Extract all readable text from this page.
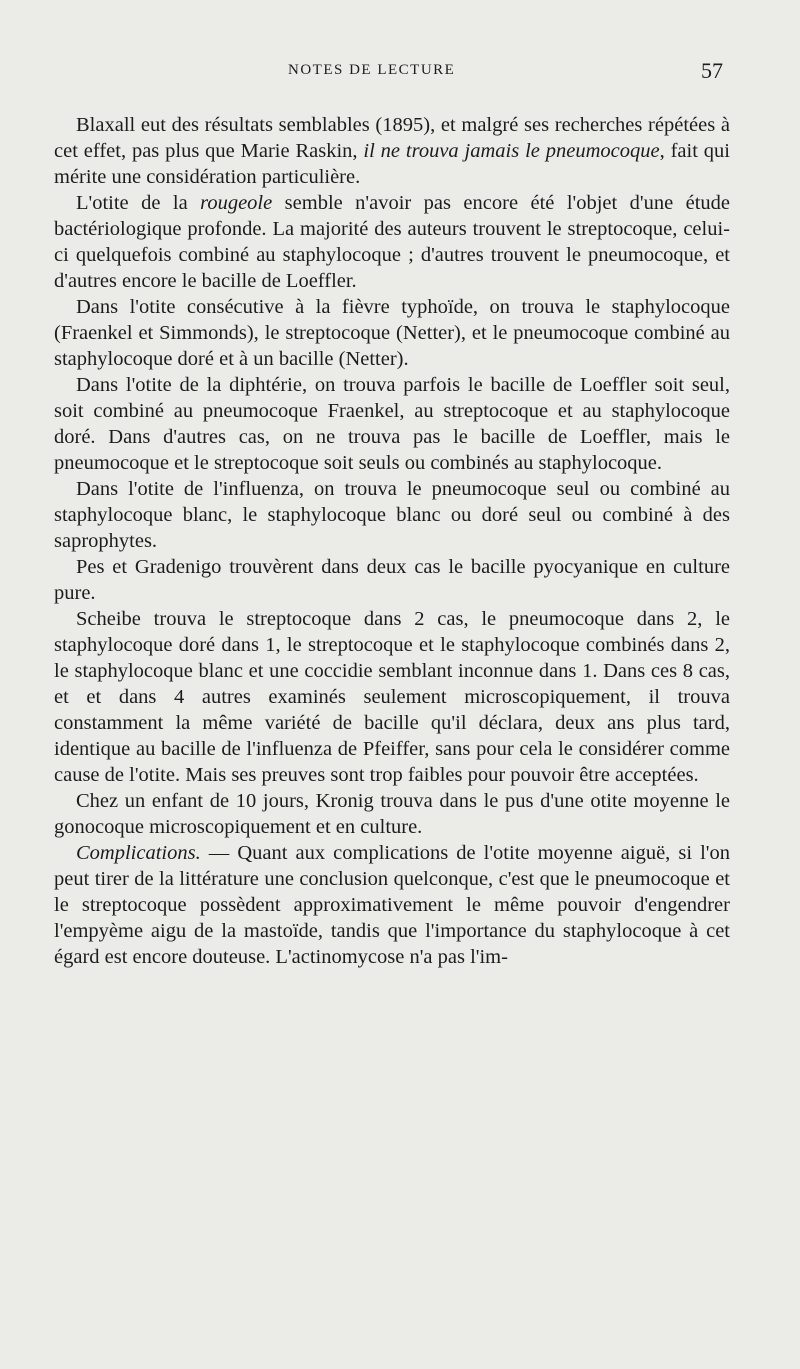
NOTES DE LECTURE	57

Blaxall eut des résultats semblables (1895), et malgré ses recherches répétées à cet effet, pas plus que Marie Raskin, il ne trouva jamais le pneumocoque, fait qui mérite une considération particulière.

L'otite de la rougeole semble n'avoir pas encore été l'objet d'une étude bactériologique profonde. La majorité des auteurs trouvent le streptocoque, celui-ci quelquefois combiné au staphylocoque ; d'autres trouvent le pneumocoque, et d'autres encore le bacille de Loeffler.

Dans l'otite consécutive à la fièvre typhoïde, on trouva le staphylocoque (Fraenkel et Simmonds), le streptocoque (Netter), et le pneumocoque combiné au staphylocoque doré et à un bacille (Netter).

Dans l'otite de la diphtérie, on trouva parfois le bacille de Loeffler soit seul, soit combiné au pneumocoque Fraenkel, au streptocoque et au staphylocoque doré. Dans d'autres cas, on ne trouva pas le bacille de Loeffler, mais le pneumocoque et le streptocoque soit seuls ou combinés au staphylocoque.

Dans l'otite de l'influenza, on trouva le pneumocoque seul ou combiné au staphylocoque blanc, le staphylocoque blanc ou doré seul ou combiné à des saprophytes.

Pes et Gradenigo trouvèrent dans deux cas le bacille pyocyanique en culture pure.

Scheibe trouva le streptocoque dans 2 cas, le pneumocoque dans 2, le staphylocoque doré dans 1, le streptocoque et le staphylocoque combinés dans 2, le staphylocoque blanc et une coccidie semblant inconnue dans 1. Dans ces 8 cas, et et dans 4 autres examinés seulement microscopiquement, il trouva constamment la même variété de bacille qu'il déclara, deux ans plus tard, identique au bacille de l'influenza de Pfeiffer, sans pour cela le considérer comme cause de l'otite. Mais ses preuves sont trop faibles pour pouvoir être acceptées.

Chez un enfant de 10 jours, Kronig trouva dans le pus d'une otite moyenne le gonocoque microscopiquement et en culture.

Complications. — Quant aux complications de l'otite moyenne aiguë, si l'on peut tirer de la littérature une conclusion quelconque, c'est que le pneumocoque et le streptocoque possèdent approximativement le même pouvoir d'engendrer l'empyème aigu de la mastoïde, tandis que l'importance du staphylocoque à cet égard est encore douteuse. L'actinomycose n'a pas l'im-
